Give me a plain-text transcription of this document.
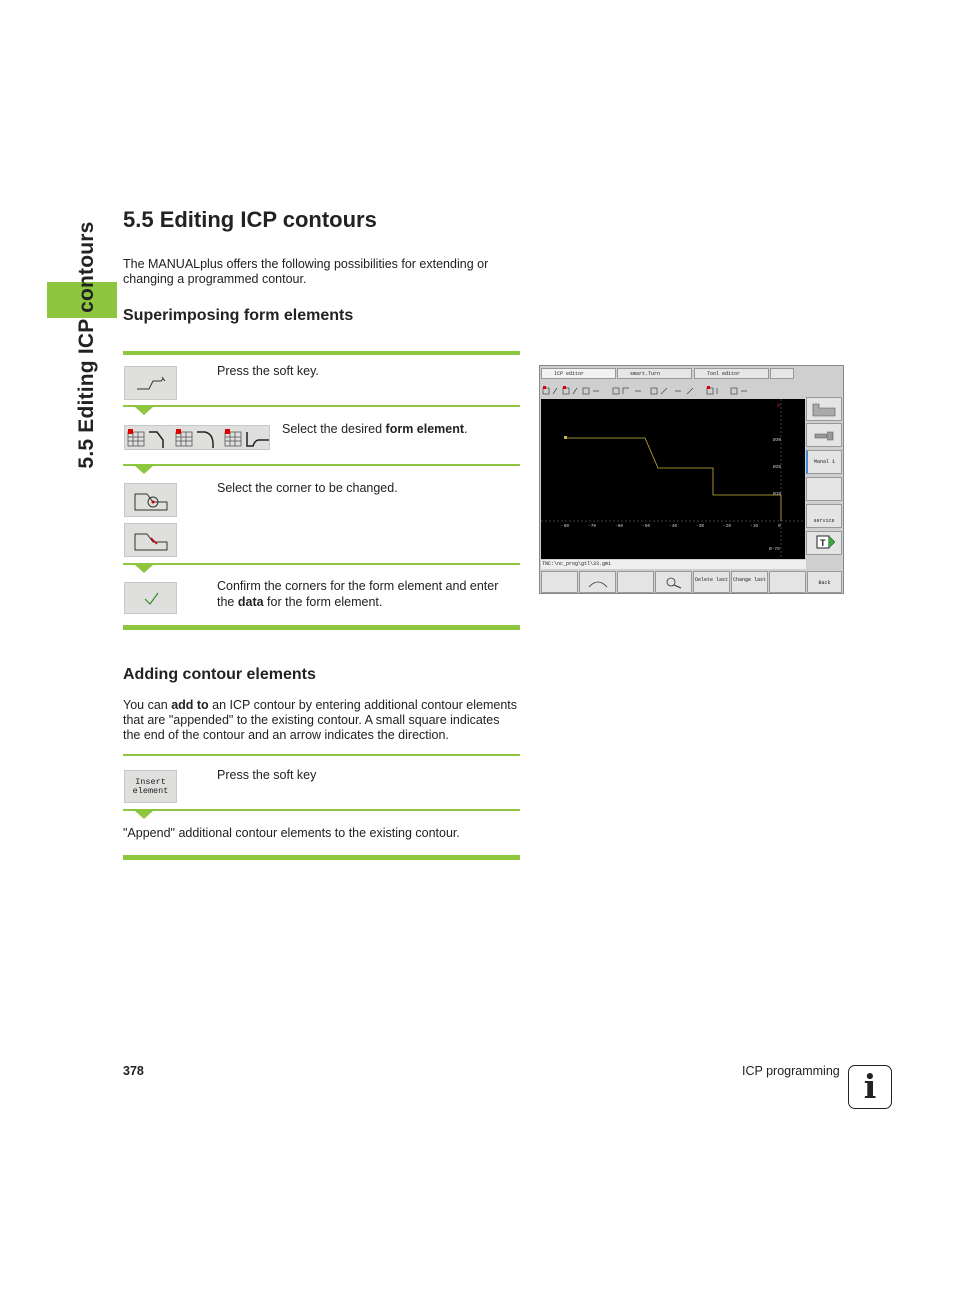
5.5 Editing ICP contours
5.5 Editing ICP contours
The MANUALplus offers the following possibilities for extending or changing a programmed contour.
Superimposing form elements
Press the soft key.
Select the desired form element.
Select the corner to be changed.
Confirm the corners for the form element and enter the data for the form element.
ICP editor	smart.Turn	Tool editor
X
-80	-70	-60	-50	-40	-30	-20	-10	0
Ø30
Ø20
Ø10
Ø-70
Manal 1
service
T
TNC:\nc_prog\gtl\33.gmi
Delete last Change last	Back
Adding contour elements
You can add to an ICP contour by entering additional contour elements that are "appended" to the existing contour. A small square indicates the end of the contour and an arrow indicates the direction.
Insert
element
Press the soft key
"Append" additional contour elements to the existing contour.
378	ICP programming i
